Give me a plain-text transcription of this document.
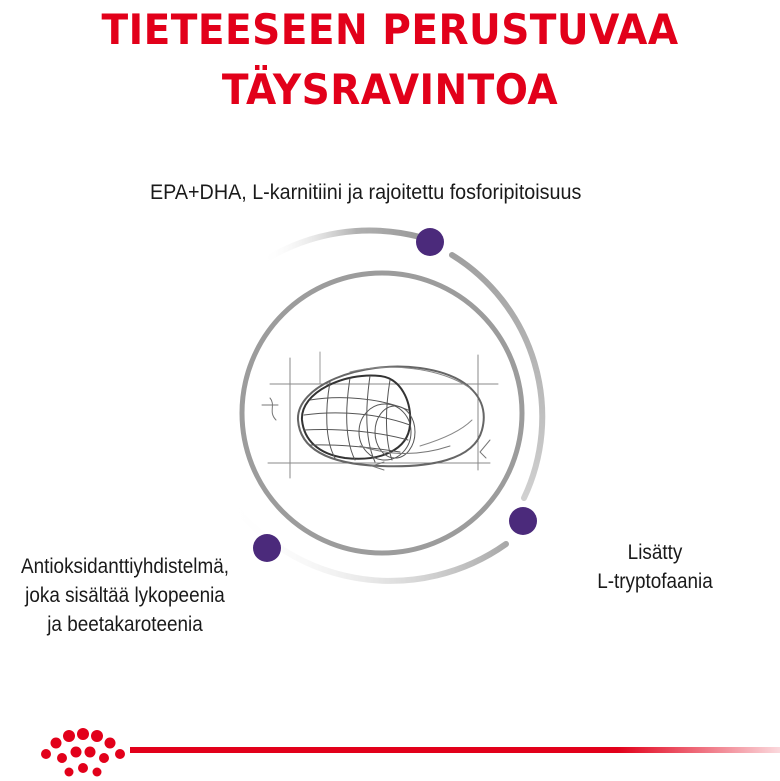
TIETEESEEN PERUSTUVAA
TÄYSRAVINTOA
EPA+DHA, L-karnitiini ja rajoitettu fosforipitoisuus
Lisätty
L-tryptofaania
Antioksidanttiyhdistelmä,
joka sisältää lykopeenia
ja beetakaroteenia
